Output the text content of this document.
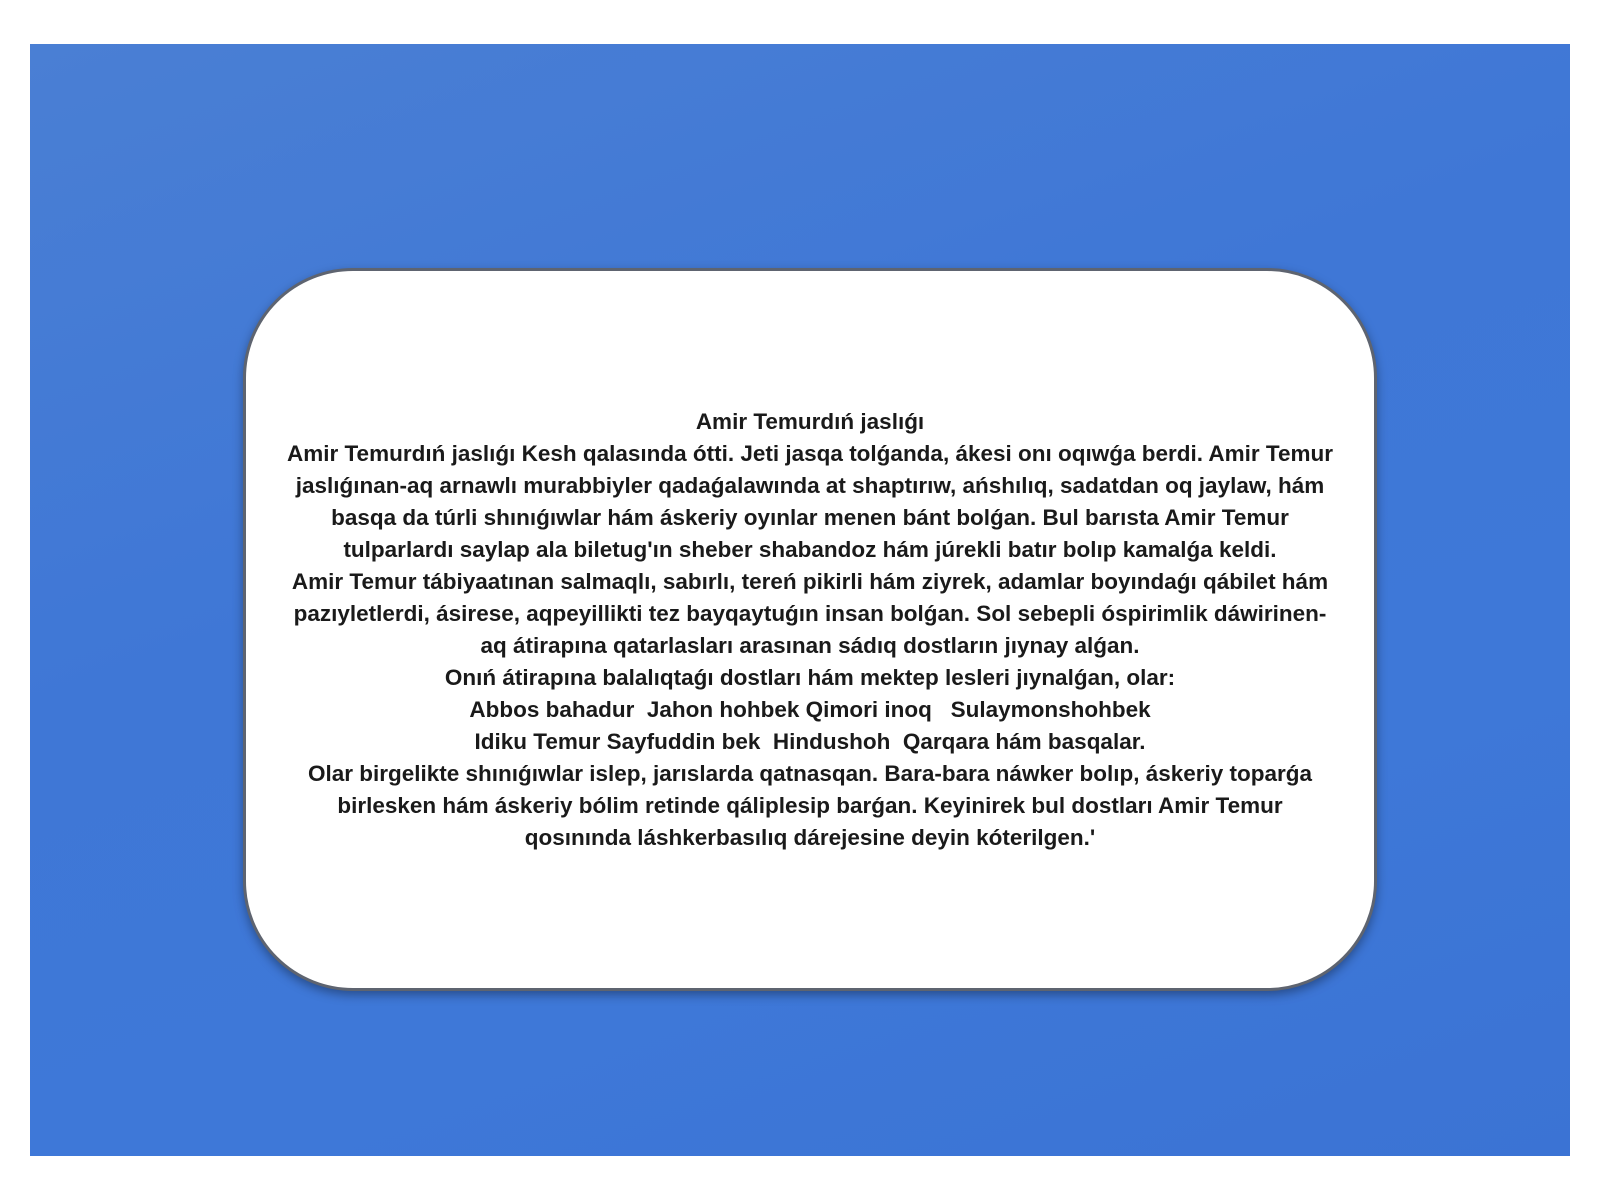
Amir Temurdıń jaslıǵı

Amir Temurdıń jaslıǵı Kesh qalasında ótti. Jeti jasqa tolǵanda, ákesi onı oqıwǵa berdi. Amir Temur jaslıǵınan-aq arnawlı murabbiyler qadaǵalawında at shaptırıw, ańshılıq, sadatdan oq jaylaw, hám basqa da túrli shınıǵıwlar hám áskeriy oyınlar menen bánt bolǵan. Bul barısta Amir Temur tulparlardı saylap ala biletug'ın sheber shabandoz hám júrekli batır bolıp kamalǵa keldi.

Amir Temur tábiyaatınan salmaqlı, sabırlı, tereń pikirli hám ziyrek, adamlar boyındaǵı qábilet hám pazıyletlerdi, ásirese, aqpeyillikti tez bayqaytuǵın insan bolǵan. Sol sebepli óspirimlik dáwirinen-aq átirapına qatarlasları arasınan sádıq dostların jıynay alǵan.

Onıń átirapına balalıqtaǵı dostları hám mektep lesleri jıynalǵan, olar:

Abbos bahadur  Jahon hohbek Qimori inoq   Sulaymonshohbek

Idiku Temur Sayfuddin bek  Hindushoh  Qarqara hám basqalar.

Olar birgelikte shınıǵıwlar islep, jarıslarda qatnasqan. Bara-bara náwker bolıp, áskeriy toparǵa birlesken hám áskeriy bólim retinde qáliplesip barǵan. Keyinirek bul dostları Amir Temur qosınında láshkerbasılıq dárejesine deyin kóterilgen.'
